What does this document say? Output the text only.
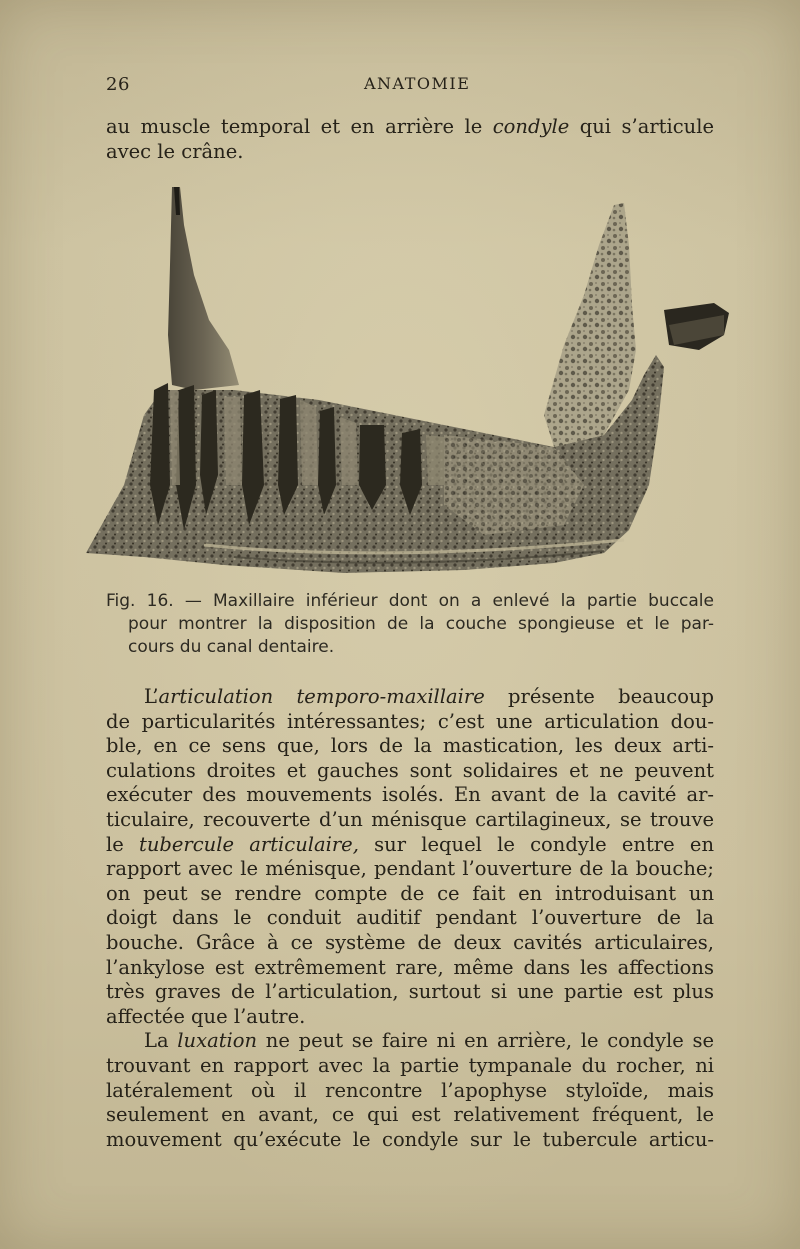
26	ANATOMIE
au muscle temporal et en arrière le condyle qui s’articule
avec le crâne.
Fig. 16. — Maxillaire inférieur dont on a enlevé la partie buccale
pour montrer la disposition de la couche spongieuse et le par-
cours du canal dentaire.
L’articulation temporo-maxillaire présente beaucoup
de particularités intéressantes; c’est une articulation dou-
ble, en ce sens que, lors de la mastication, les deux arti-
culations droites et gauches sont solidaires et ne peuvent
exécuter des mouvements isolés. En avant de la cavité ar-
ticulaire, recouverte d’un ménisque cartilagineux, se trouve
le tubercule articulaire, sur lequel le condyle entre en
rapport avec le ménisque, pendant l’ouverture de la bouche;
on peut se rendre compte de ce fait en introduisant un
doigt dans le conduit auditif pendant l’ouverture de la
bouche. Grâce à ce système de deux cavités articulaires,
l’ankylose est extrêmement rare, même dans les affections
très graves de l’articulation, surtout si une partie est plus
affectée que l’autre.
La luxation ne peut se faire ni en arrière, le condyle se
trouvant en rapport avec la partie tympanale du rocher, ni
latéralement où il rencontre l’apophyse styloïde, mais
seulement en avant, ce qui est relativement fréquent, le
mouvement qu’exécute le condyle sur le tubercule articu-
